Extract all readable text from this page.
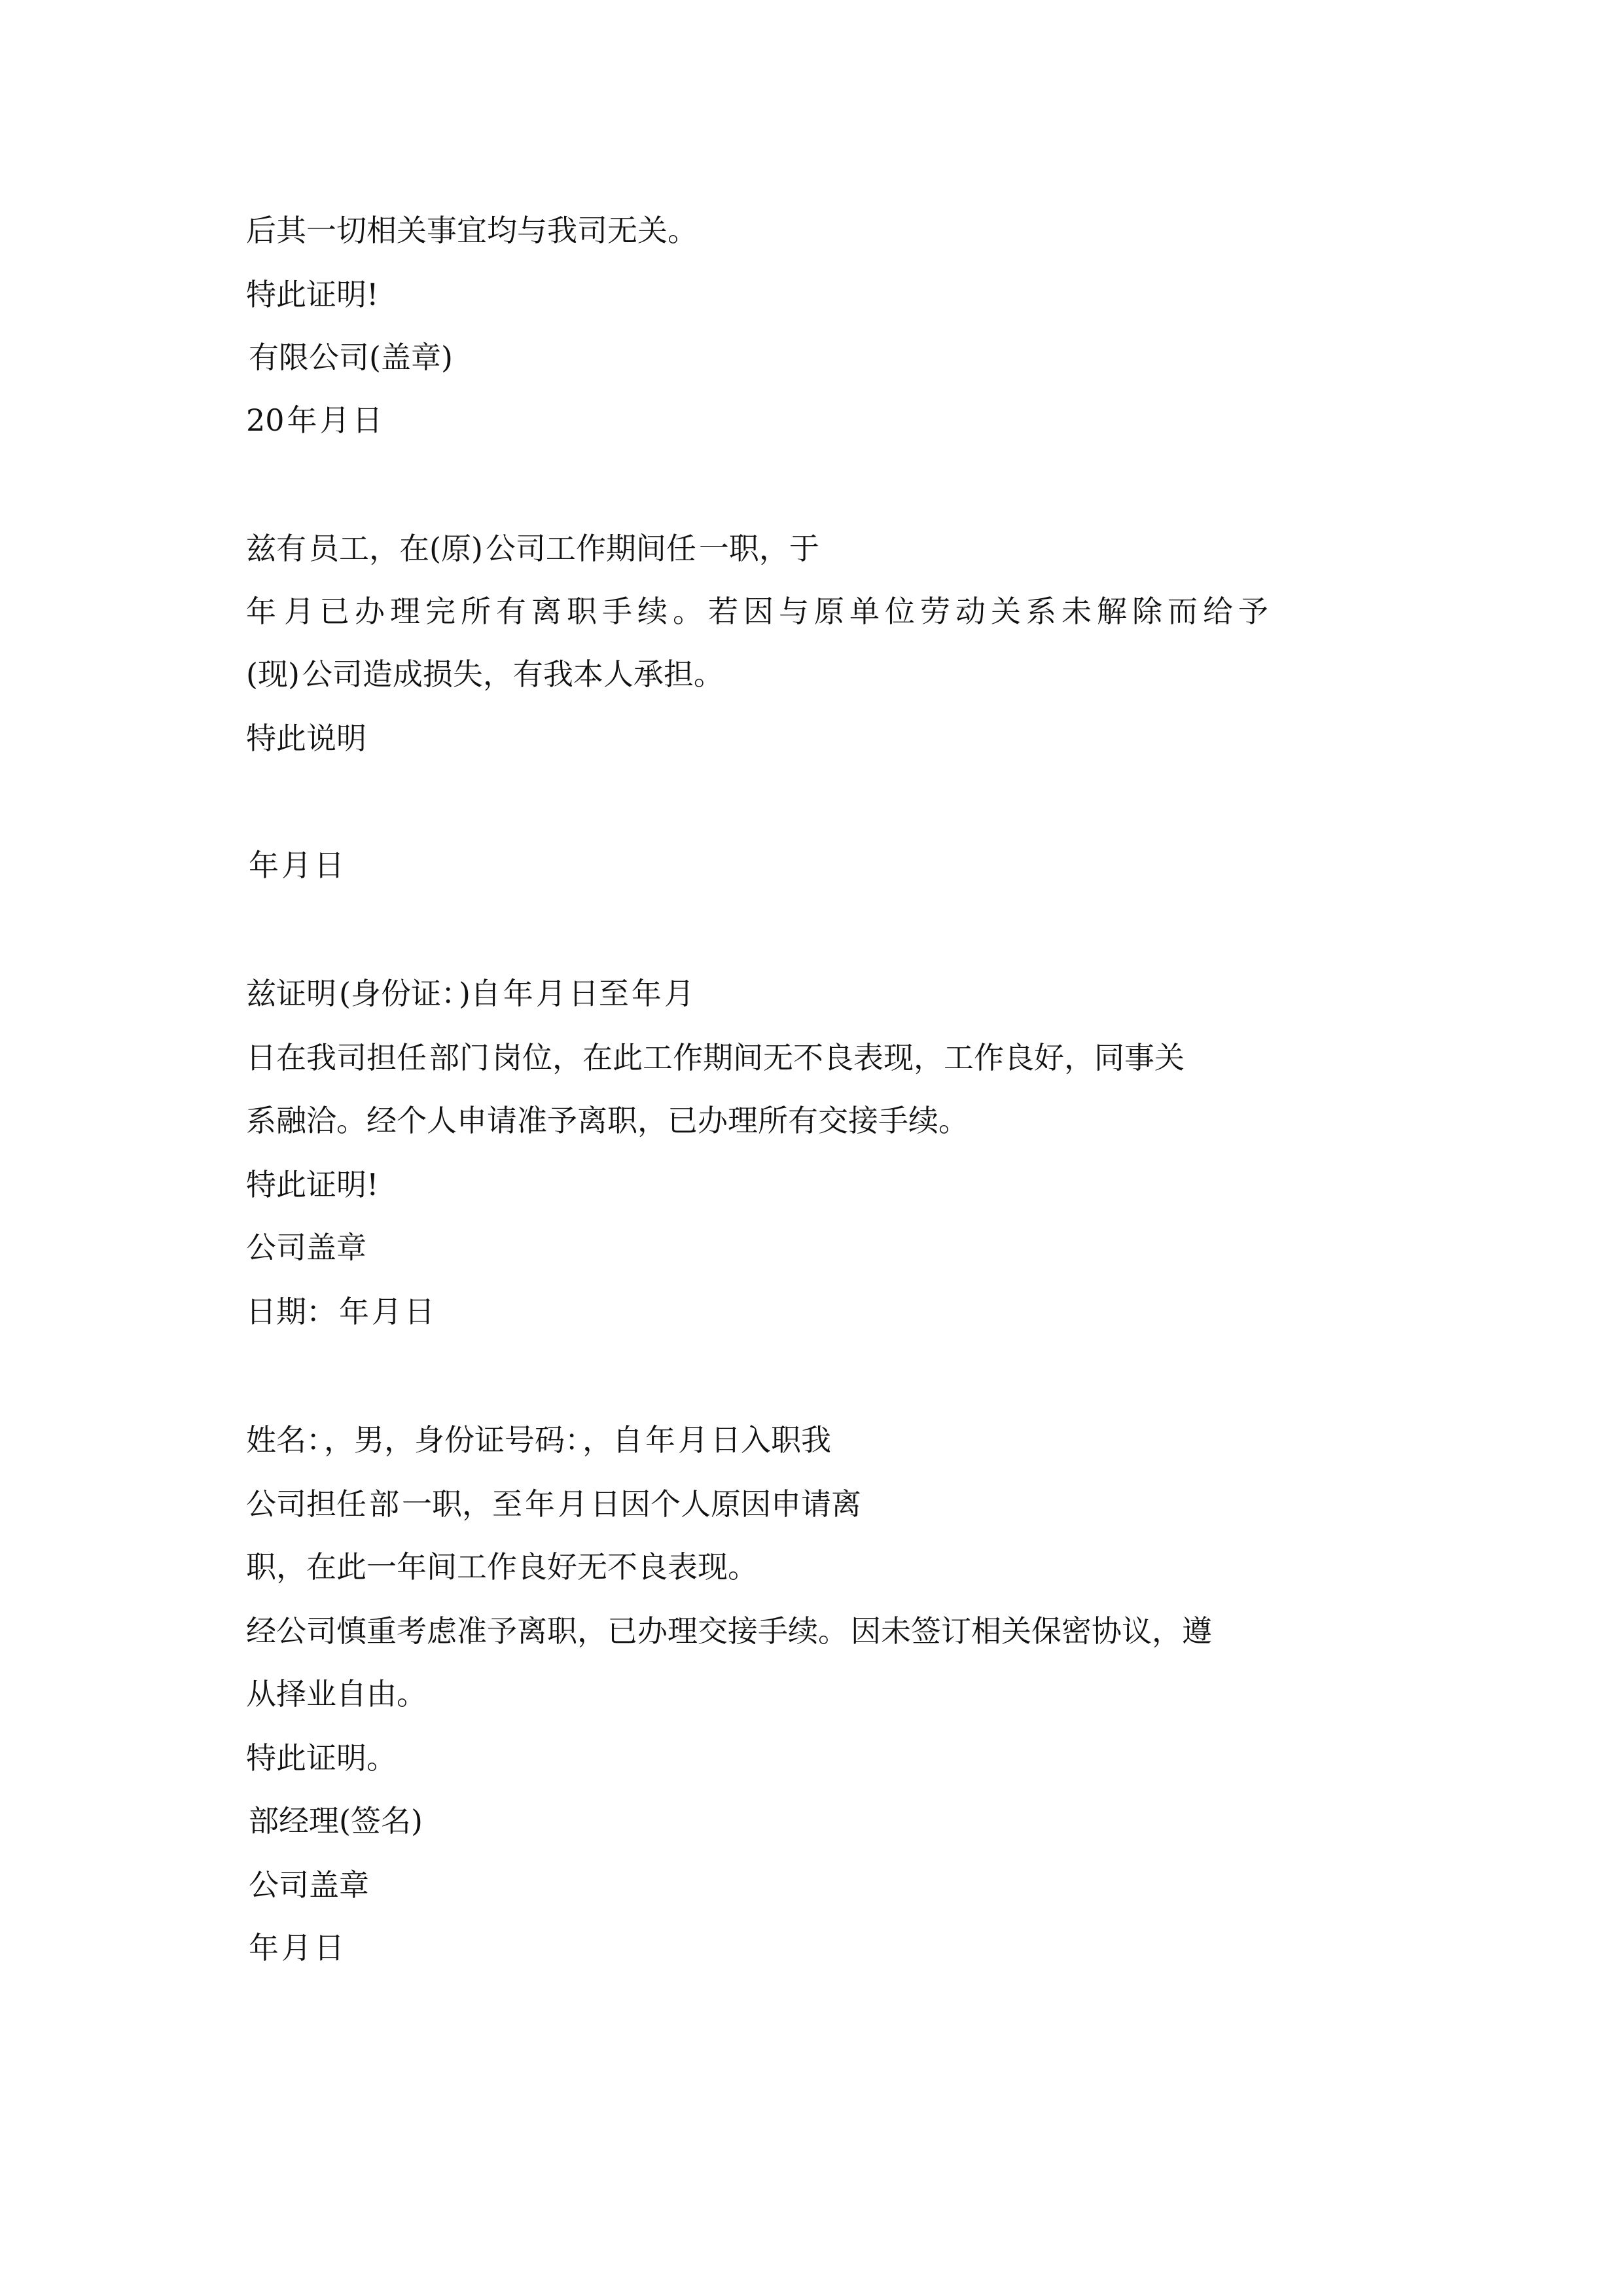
后其一切相关事宜均与我司无关。
特此证明!
有限公司(盖章)
20年月日
兹有员工，在(原)公司工作期间任一职，于
年月已办理完所有离职手续。若因与原单位劳动关系未解除而给予
(现)公司造成损失，有我本人承担。
特此说明
年月日
兹证明(身份证：)自年月日至年月
日在我司担任部门岗位，在此工作期间无不良表现，工作良好，同事关
系融洽。经个人申请准予离职，已办理所有交接手续。
特此证明!
公司盖章
日期：年月日
姓名：，男，身份证号码：，自年月日入职我
公司担任部一职，至年月日因个人原因申请离
职，在此一年间工作良好无不良表现。
经公司慎重考虑准予离职，已办理交接手续。因未签订相关保密协议，遵
从择业自由。
特此证明。
部经理(签名)
公司盖章
年月日
